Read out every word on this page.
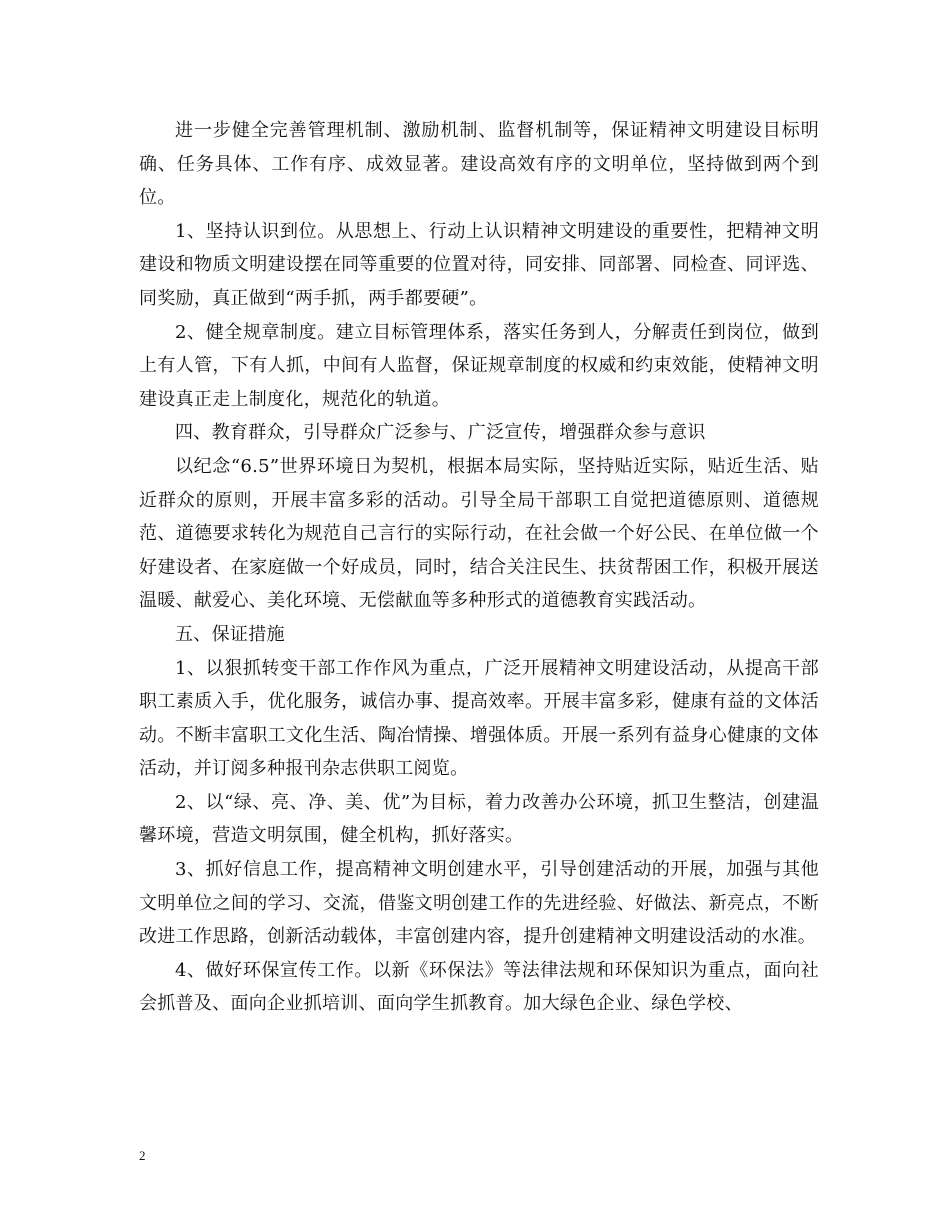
进一步健全完善管理机制、激励机制、监督机制等，保证精神文明建设目标明确、任务具体、工作有序、成效显著。建设高效有序的文明单位，坚持做到两个到位。

1、坚持认识到位。从思想上、行动上认识精神文明建设的重要性，把精神文明建设和物质文明建设摆在同等重要的位置对待，同安排、同部署、同检查、同评选、同奖励，真正做到“两手抓，两手都要硬”。

2、健全规章制度。建立目标管理体系，落实任务到人，分解责任到岗位，做到上有人管，下有人抓，中间有人监督，保证规章制度的权威和约束效能，使精神文明建设真正走上制度化，规范化的轨道。

四、教育群众，引导群众广泛参与、广泛宣传，增强群众参与意识

以纪念“6.5”世界环境日为契机，根据本局实际，坚持贴近实际，贴近生活、贴近群众的原则，开展丰富多彩的活动。引导全局干部职工自觉把道德原则、道德规范、道德要求转化为规范自己言行的实际行动，在社会做一个好公民、在单位做一个好建设者、在家庭做一个好成员，同时，结合关注民生、扶贫帮困工作，积极开展送温暖、献爱心、美化环境、无偿献血等多种形式的道德教育实践活动。

五、保证措施

1、以狠抓转变干部工作作风为重点，广泛开展精神文明建设活动，从提高干部职工素质入手，优化服务，诚信办事、提高效率。开展丰富多彩，健康有益的文体活动。不断丰富职工文化生活、陶冶情操、增强体质。开展一系列有益身心健康的文体活动，并订阅多种报刊杂志供职工阅览。

2、以“绿、亮、净、美、优”为目标，着力改善办公环境，抓卫生整洁，创建温馨环境，营造文明氛围，健全机构，抓好落实。

3、抓好信息工作，提高精神文明创建水平，引导创建活动的开展，加强与其他文明单位之间的学习、交流，借鉴文明创建工作的先进经验、好做法、新亮点，不断改进工作思路，创新活动载体，丰富创建内容，提升创建精神文明建设活动的水准。

4、做好环保宣传工作。以新《环保法》等法律法规和环保知识为重点，面向社会抓普及、面向企业抓培训、面向学生抓教育。加大绿色企业、绿色学校、

2
